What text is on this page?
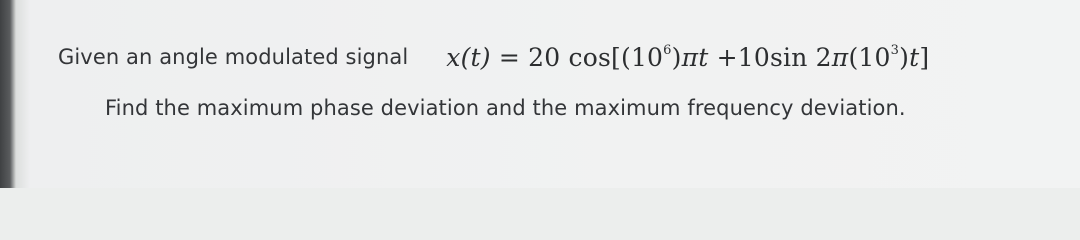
Given an angle modulated signal x(t) = 20 $\cos[(10^6)\pi t +10\sin$ $2\pi(10^3)t$]
Find the maximum phase deviation and the maximum frequency deviation.
